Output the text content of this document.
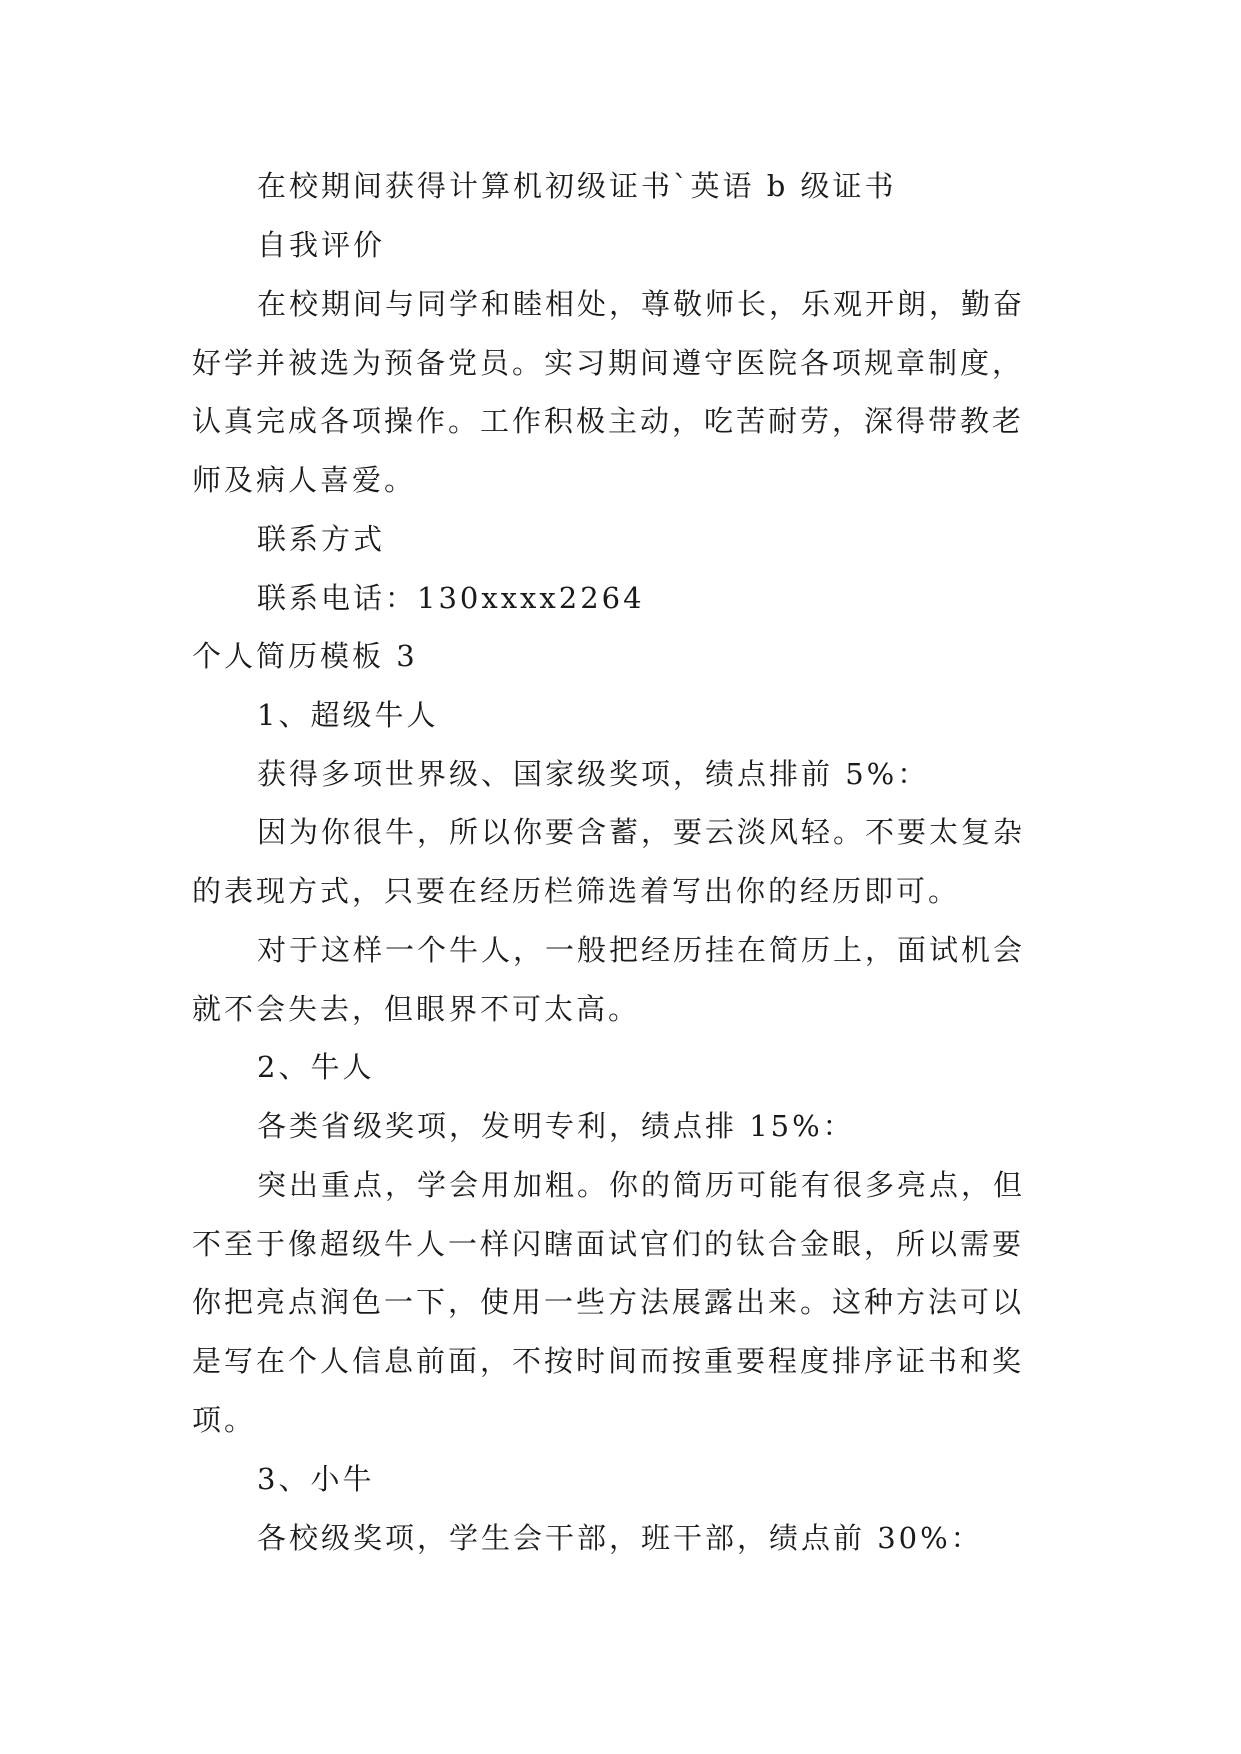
在校期间获得计算机初级证书`英语 b 级证书
自我评价
在校期间与同学和睦相处，尊敬师长，乐观开朗，勤奋
好学并被选为预备党员。实习期间遵守医院各项规章制度，
认真完成各项操作。工作积极主动，吃苦耐劳，深得带教老
师及病人喜爱。
联系方式
联系电话：130xxxx2264
个人简历模板 3
1、超级牛人
获得多项世界级、国家级奖项，绩点排前 5%：
因为你很牛，所以你要含蓄，要云淡风轻。不要太复杂
的表现方式，只要在经历栏筛选着写出你的经历即可。
对于这样一个牛人，一般把经历挂在简历上，面试机会
就不会失去，但眼界不可太高。
2、牛人
各类省级奖项，发明专利，绩点排 15%：
突出重点，学会用加粗。你的简历可能有很多亮点，但
不至于像超级牛人一样闪瞎面试官们的钛合金眼，所以需要
你把亮点润色一下，使用一些方法展露出来。这种方法可以
是写在个人信息前面，不按时间而按重要程度排序证书和奖
项。
3、小牛
各校级奖项，学生会干部，班干部，绩点前 30%：
